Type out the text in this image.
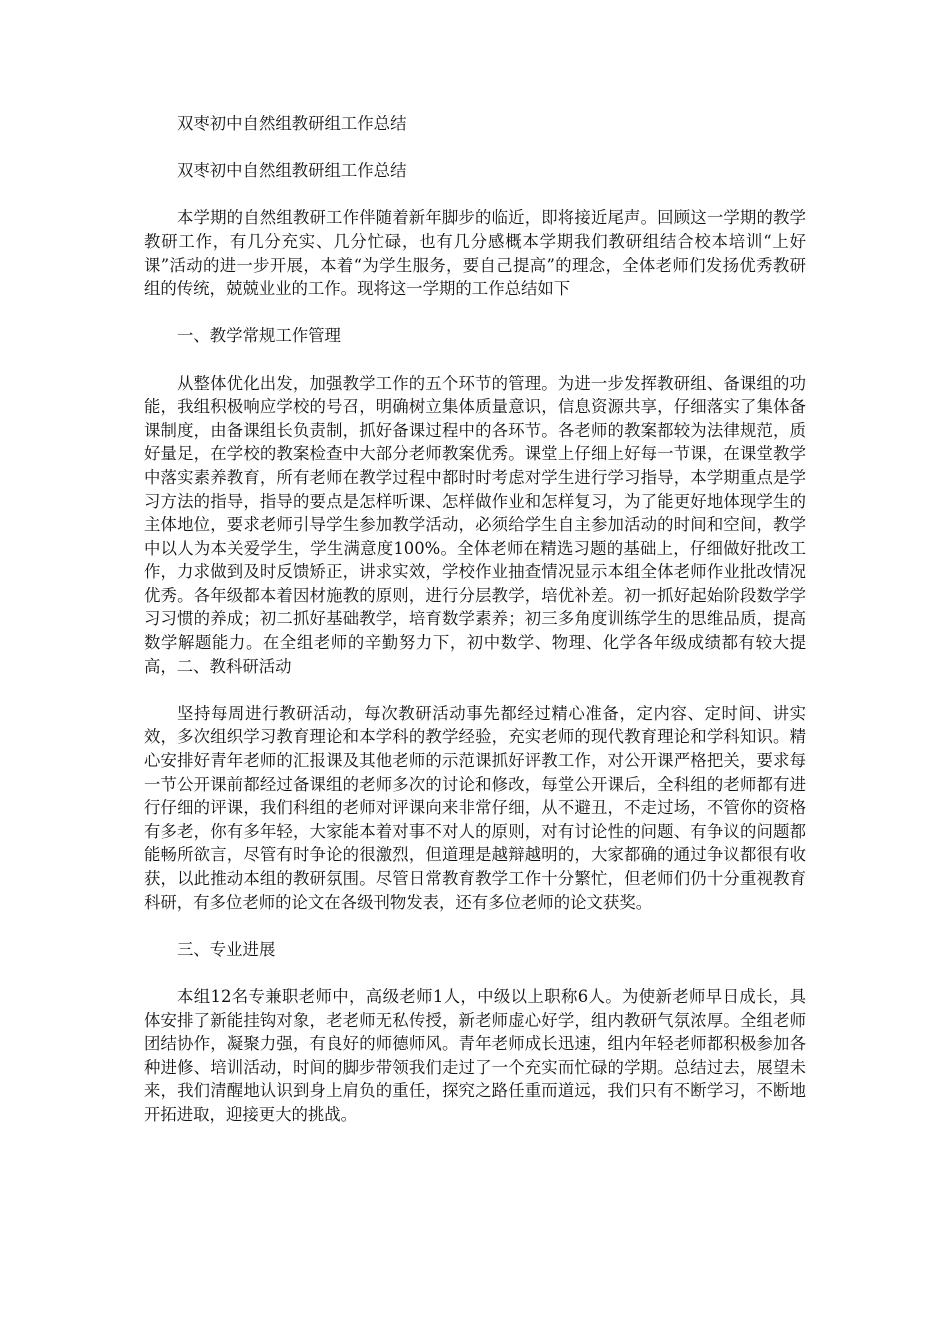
双枣初中自然组教研组工作总结

双枣初中自然组教研组工作总结

本学期的自然组教研工作伴随着新年脚步的临近，即将接近尾声。回顾这一学期的教学教研工作，有几分充实、几分忙碌，也有几分感概本学期我们教研组结合校本培训“上好课”活动的进一步开展，本着“为学生服务，要自己提高”的理念，全体老师们发扬优秀教研组的传统，兢兢业业的工作。现将这一学期的工作总结如下

一、教学常规工作管理

从整体优化出发，加强教学工作的五个环节的管理。为进一步发挥教研组、备课组的功能，我组积极响应学校的号召，明确树立集体质量意识，信息资源共享，仔细落实了集体备课制度，由备课组长负责制，抓好备课过程中的各环节。各老师的教案都较为法律规范，质好量足，在学校的教案检查中大部分老师教案优秀。课堂上仔细上好每一节课，在课堂教学中落实素养教育，所有老师在教学过程中都时时考虑对学生进行学习指导，本学期重点是学习方法的指导，指导的要点是怎样听课、怎样做作业和怎样复习，为了能更好地体现学生的主体地位，要求老师引导学生参加教学活动，必须给学生自主参加活动的时间和空间，教学中以人为本关爱学生，学生满意度100%。全体老师在精选习题的基础上，仔细做好批改工作，力求做到及时反馈矫正，讲求实效，学校作业抽查情况显示本组全体老师作业批改情况优秀。各年级都本着因材施教的原则，进行分层教学，培优补差。初一抓好起始阶段数学学习习惯的养成；初二抓好基础教学，培育数学素养；初三多角度训练学生的思维品质，提高数学解题能力。在全组老师的辛勤努力下，初中数学、物理、化学各年级成绩都有较大提高，二、教科研活动

坚持每周进行教研活动，每次教研活动事先都经过精心准备，定内容、定时间、讲实效，多次组织学习教育理论和本学科的教学经验，充实老师的现代教育理论和学科知识。精心安排好青年老师的汇报课及其他老师的示范课抓好评教工作，对公开课严格把关，要求每一节公开课前都经过备课组的老师多次的讨论和修改，每堂公开课后，全科组的老师都有进行仔细的评课，我们科组的老师对评课向来非常仔细，从不避丑，不走过场，不管你的资格有多老，你有多年轻，大家能本着对事不对人的原则，对有讨论性的问题、有争议的问题都能畅所欲言，尽管有时争论的很激烈，但道理是越辩越明的，大家都确的通过争议都很有收获，以此推动本组的教研氛围。尽管日常教育教学工作十分繁忙，但老师们仍十分重视教育科研，有多位老师的论文在各级刊物发表，还有多位老师的论文获奖。

三、专业进展

本组12名专兼职老师中，高级老师1人，中级以上职称6人。为使新老师早日成长，具体安排了新能挂钩对象，老老师无私传授，新老师虚心好学，组内教研气氛浓厚。全组老师团结协作，凝聚力强，有良好的师德师风。青年老师成长迅速，组内年轻老师都积极参加各种进修、培训活动，时间的脚步带领我们走过了一个充实而忙碌的学期。总结过去，展望未来，我们清醒地认识到身上肩负的重任，探究之路任重而道远，我们只有不断学习，不断地开拓进取，迎接更大的挑战。
